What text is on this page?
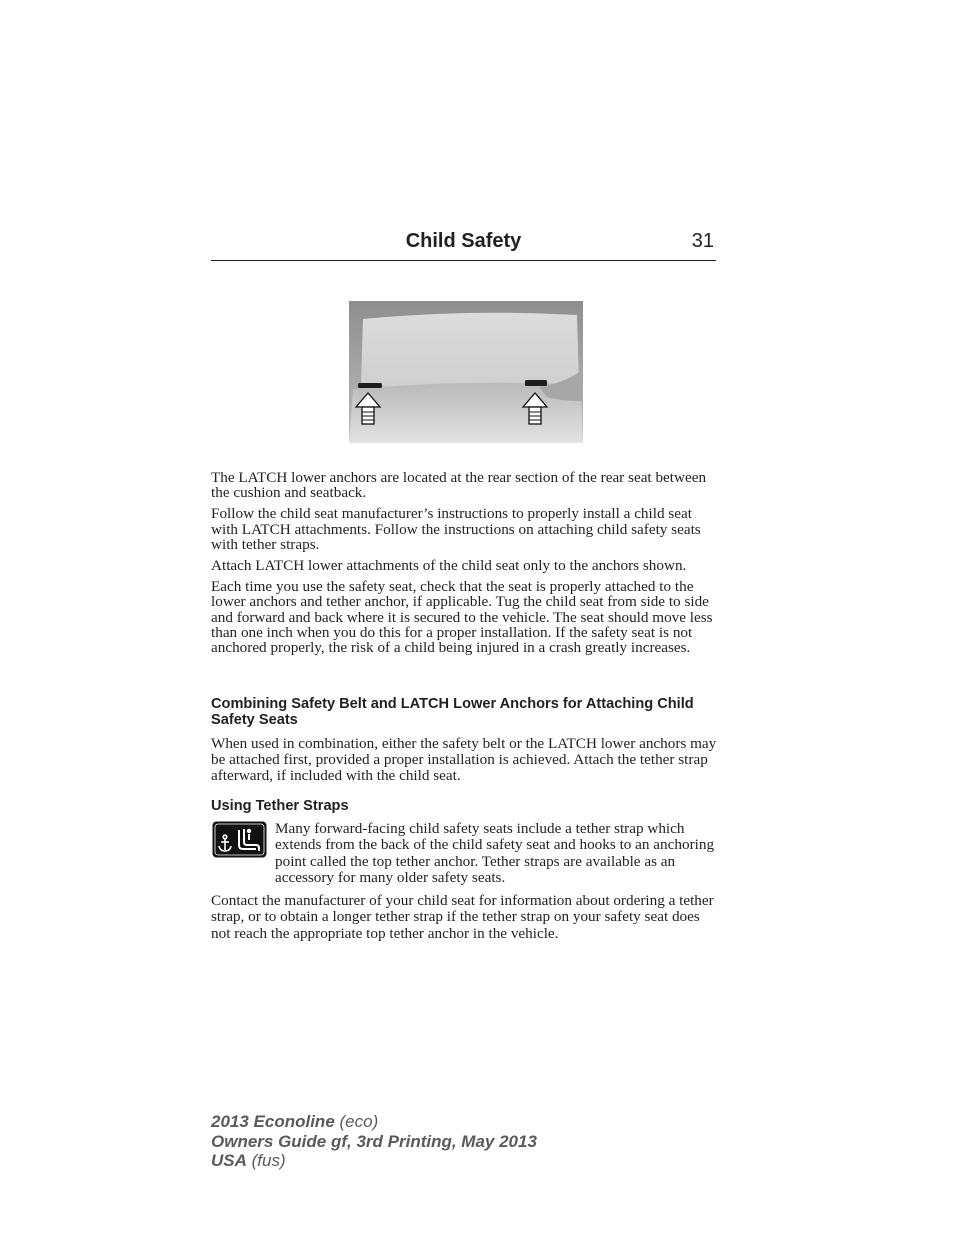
Child Safety	31

The LATCH lower anchors are located at the rear section of the rear seat between the cushion and seatback.

Follow the child seat manufacturer’s instructions to properly install a child seat with LATCH attachments. Follow the instructions on attaching child safety seats with tether straps.

Attach LATCH lower attachments of the child seat only to the anchors shown.

Each time you use the safety seat, check that the seat is properly attached to the lower anchors and tether anchor, if applicable. Tug the child seat from side to side and forward and back where it is secured to the vehicle. The seat should move less than one inch when you do this for a proper installation. If the safety seat is not anchored properly, the risk of a child being injured in a crash greatly increases.

Combining Safety Belt and LATCH Lower Anchors for Attaching Child Safety Seats

When used in combination, either the safety belt or the LATCH lower anchors may be attached first, provided a proper installation is achieved. Attach the tether strap afterward, if included with the child seat.

Using Tether Straps

Many forward-facing child safety seats include a tether strap which extends from the back of the child safety seat and hooks to an anchoring point called the top tether anchor. Tether straps are available as an accessory for many older safety seats.

Contact the manufacturer of your child seat for information about ordering a tether strap, or to obtain a longer tether strap if the tether strap on your safety seat does not reach the appropriate top tether anchor in the vehicle.

2013 Econoline (eco)
Owners Guide gf, 3rd Printing, May 2013
USA (fus)
